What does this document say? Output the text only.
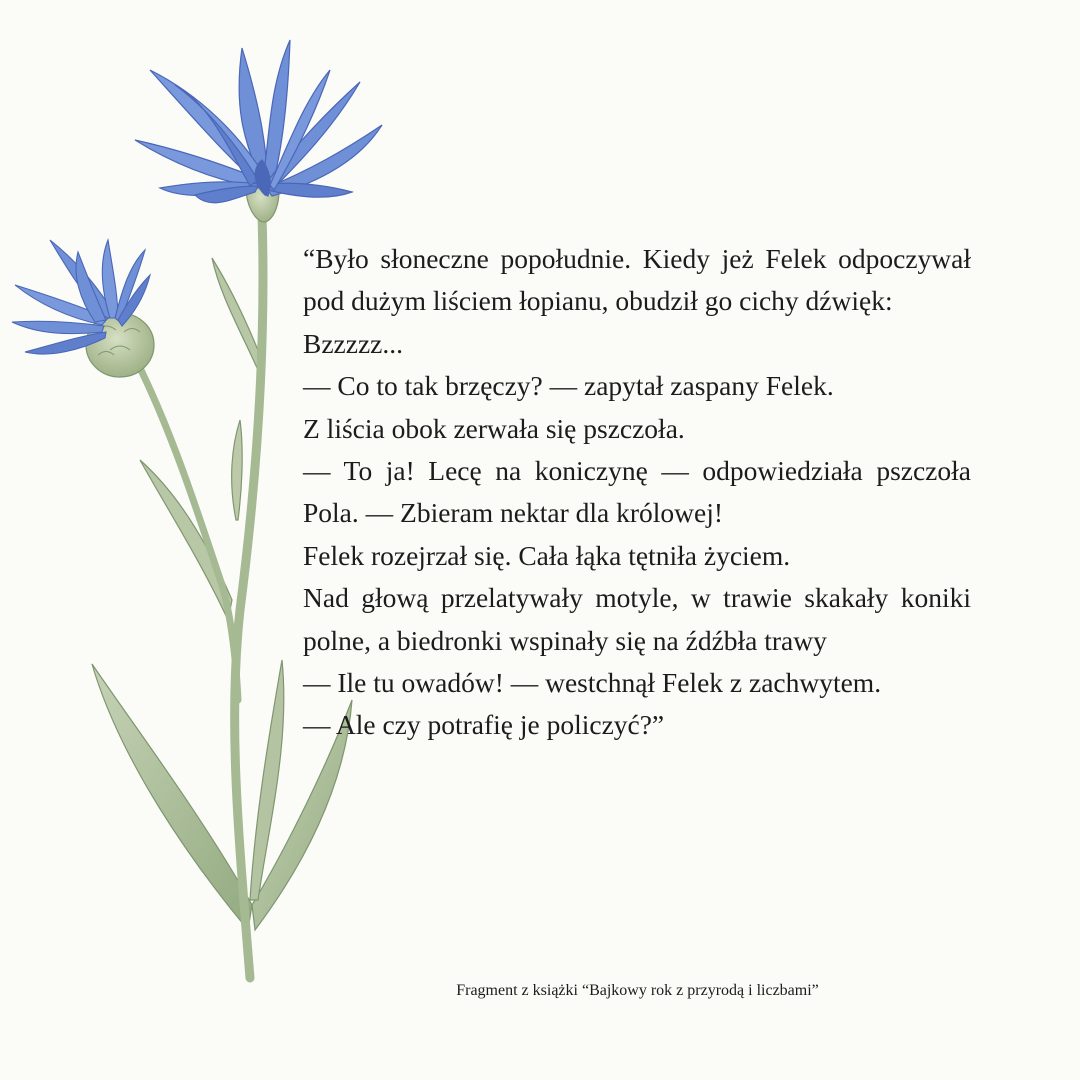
“Było słoneczne popołudnie. Kiedy jeż Felek odpoczywał pod dużym liściem łopianu, obudził go cichy dźwięk:

Bzzzzz...

— Co to tak brzęczy? — zapytał zaspany Felek.

Z liścia obok zerwała się pszczoła.

— To ja! Lecę na koniczynę — odpowiedziała pszczoła Pola. — Zbieram nektar dla królowej!

Felek rozejrzał się. Cała łąka tętniła życiem.

Nad głową przelatywały motyle, w trawie skakały koniki polne, a biedronki wspinały się na źdźbła trawy

— Ile tu owadów! — westchnął Felek z zachwytem.

— Ale czy potrafię je policzyć?”

Fragment z książki “Bajkowy rok z przyrodą i liczbami”
